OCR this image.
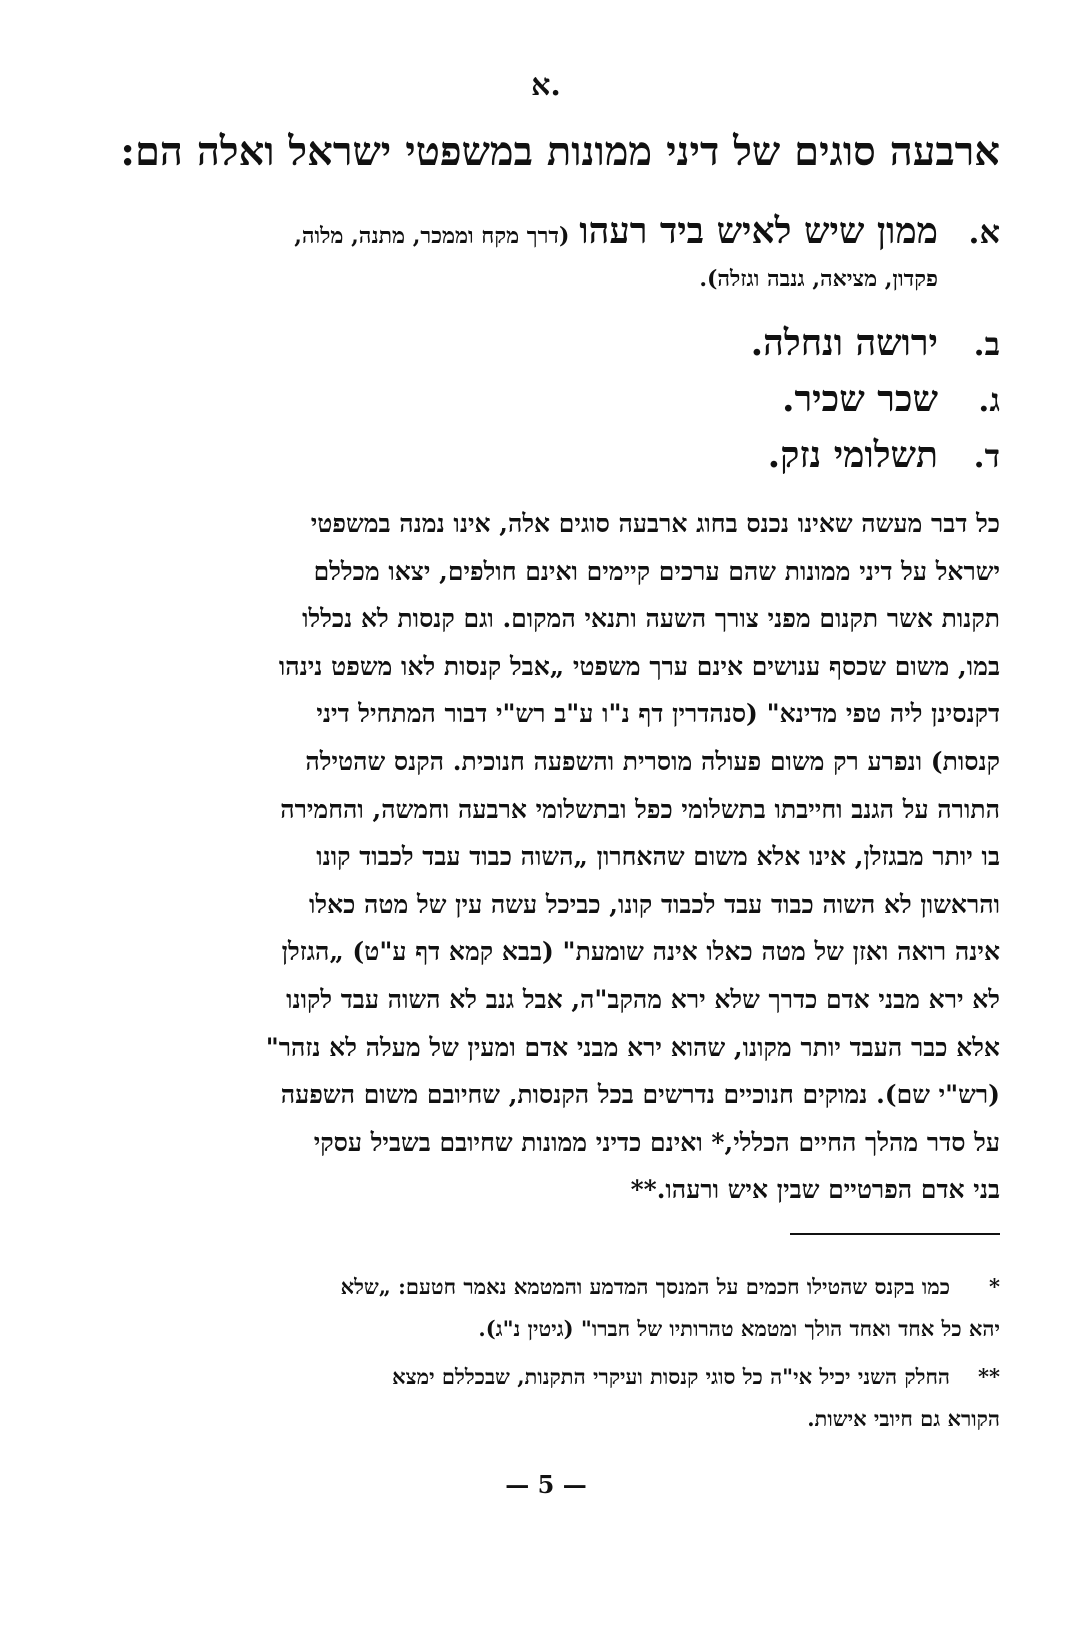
א.
ארבעה סוגים של דיני ממונות במשפטי ישראל ואלה הם:
א.
ממון שיש לאיש ביד רעהו
(דרך מקח וממכר, מתנה, מלוה,
פקדון, מציאה, גנבה וגזלה).
ב.
ירושה ונחלה.
ג.
שכר שכיר.
ד.
תשלומי נזק.
כל דבר מעשה שאינו נכנס בחוג ארבעה סוגים אלה, אינו נמנה במשפטי
ישראל על דיני ממונות שהם ערכים קיימים ואינם חולפים, יצאו מכללם
תקנות אשר תקנום מפני צורך השעה ותנאי המקום. וגם קנסות לא נכללו
במו, משום שכסף ענושים אינם ערך משפטי „אבל קנסות לאו משפט נינהו
דקנסינן ליה טפי מדינא" (סנהדרין דף נ"ו ע"ב רש"י דבור המתחיל דיני
קנסות) ונפרע רק משום פעולה מוסרית והשפעה חנוכית. הקנס שהטילה
התורה על הגנב וחייבתו בתשלומי כפל ובתשלומי ארבעה וחמשה, והחמירה
בו יותר מבגזלן, אינו אלא משום שהאחרון „השוה כבוד עבד לכבוד קונו
והראשון לא השוה כבוד עבד לכבוד קונו, כביכל עשה עין של מטה כאלו
אינה רואה ואזן של מטה כאלו אינה שומעת" (בבא קמא דף ע"ט) „הגזלן
לא ירא מבני אדם כדרך שלא ירא מהקב"ה, אבל גנב לא השוה עבד לקונו
אלא כבר העבד יותר מקונו, שהוא ירא מבני אדם ומעין של מעלה לא נזהר"
(רש"י שם). נמוקים חנוכיים נדרשים בכל הקנסות, שחיובם משום השפעה
על סדר מהלך החיים הכללי,* ואינם כדיני ממונות שחיובם בשביל עסקי
בני אדם הפרטיים שבין איש ורעהו.**
*כמו בקנס שהטילו חכמים על המנסך המדמע והמטמא נאמר חטעם: „שלא
יהא כל אחד ואחד הולך ומטמא טהרותיו של חברו" (גיטין נ"ג).
**החלק השני יכיל אי"ה כל סוגי קנסות ועיקרי התקנות, שבכללם ימצא
הקורא גם חיובי אישות.
— 5 —
